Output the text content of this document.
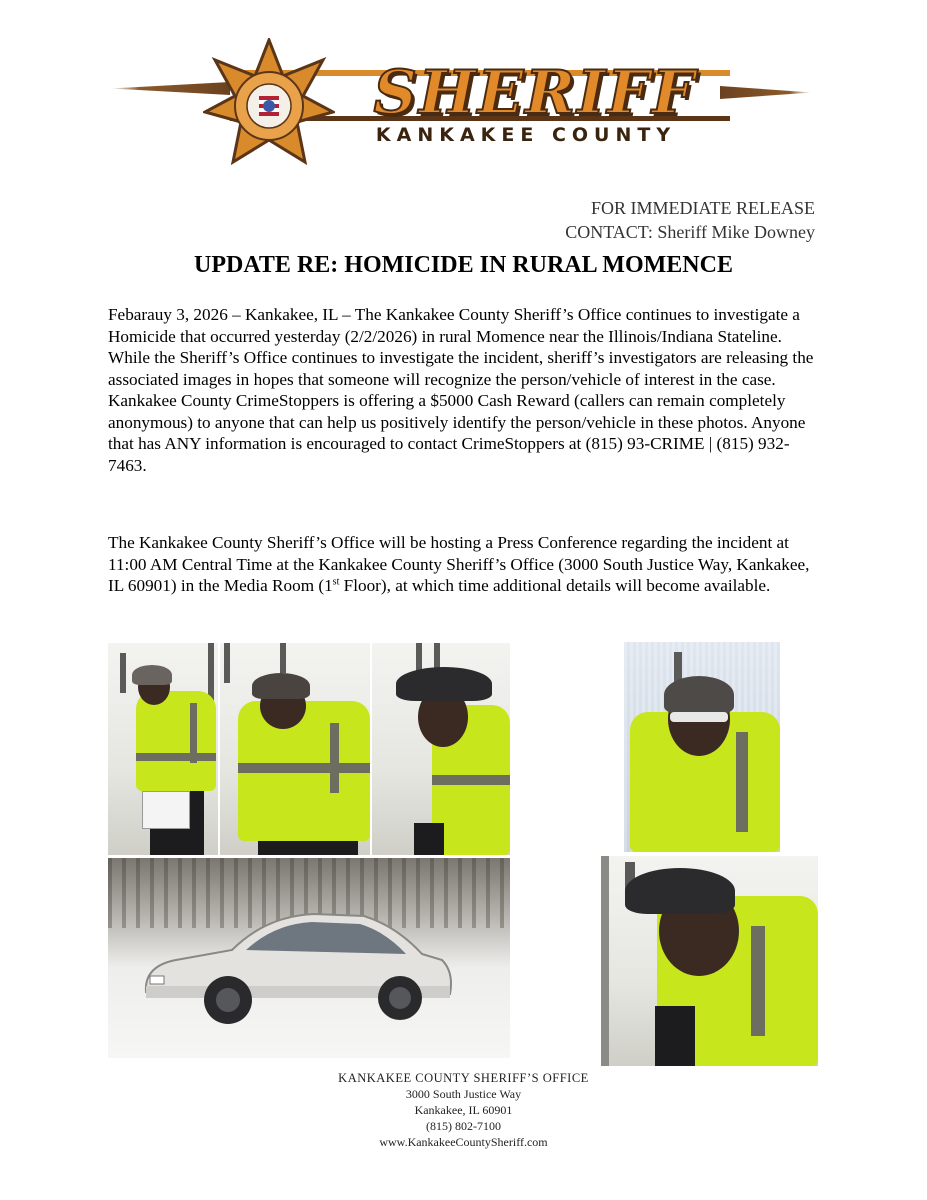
SHERIFF
KANKAKEE COUNTY
FOR IMMEDIATE RELEASE
CONTACT: Sheriff Mike Downey
UPDATE RE: HOMICIDE IN RURAL MOMENCE
Febarauy 3, 2026 – Kankakee, IL – The Kankakee County Sheriff’s Office continues to investigate a Homicide that occurred yesterday (2/2/2026) in rural Momence near the Illinois/Indiana Stateline. While the Sheriff’s Office continues to investigate the incident, sheriff’s investigators are releasing the associated images in hopes that someone will recognize the person/vehicle of interest in the case. Kankakee County CrimeStoppers is offering a $5000 Cash Reward (callers can remain completely anonymous) to anyone that can help us positively identify the person/vehicle in these photos. Anyone that has ANY information is encouraged to contact CrimeStoppers at (815) 93-CRIME | (815) 932-7463.
The Kankakee County Sheriff’s Office will be hosting a Press Conference regarding the incident at 11:00 AM Central Time at the Kankakee County Sheriff’s Office (3000 South Justice Way, Kankakee, IL 60901) in the Media Room (1st Floor), at which time additional details will become available.
KANKAKEE COUNTY SHERIFF’S OFFICE
3000 South Justice Way
Kankakee, IL 60901
(815) 802-7100
www.KankakeeCountySheriff.com
